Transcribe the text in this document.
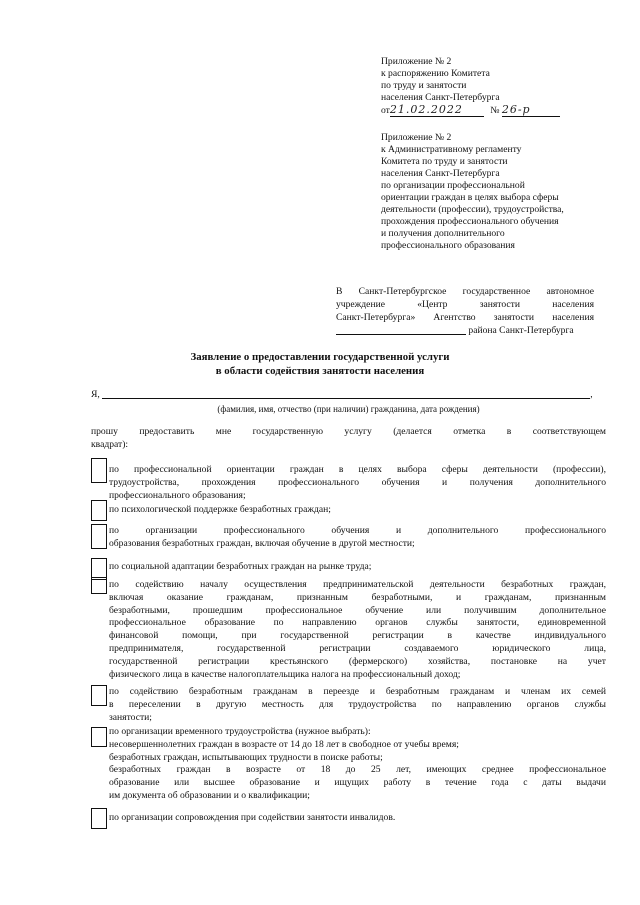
Приложение № 2
к распоряжению Комитета
по труду и занятости
населения Санкт-Петербурга
от21.02.2022	№ 26-р
Приложение № 2
к Административному регламенту
Комитета по труду и занятости
населения Санкт-Петербурга
по организации профессиональной
ориентации граждан в целях выбора сферы
деятельности (профессии), трудоустройства,
прохождения профессионального обучения
и получения дополнительного
профессионального образования
В Санкт-Петербургское государственное автономное
учреждение «Центр занятости населения
Санкт-Петербурга» Агентство занятости населения
района Санкт-Петербурга
Заявление о предоставлении государственной услуги
в области содействия занятости населения
Я,	,
(фамилия, имя, отчество (при наличии) гражданина, дата рождения)
прошу предоставить мне государственную услугу (делается отметка в соответствующем
квадрат):
по профессиональной ориентации граждан в целях выбора сферы деятельности (профессии),
трудоустройства, прохождения профессионального обучения и получения дополнительного
профессионального образования;
по психологической поддержке безработных граждан;
по организации профессионального обучения и дополнительного профессионального
образования безработных граждан, включая обучение в другой местности;
по социальной адаптации безработных граждан на рынке труда;
по содействию началу осуществления предпринимательской деятельности безработных граждан,
включая оказание гражданам, признанным безработными, и гражданам, признанным
безработными, прошедшим профессиональное обучение или получившим дополнительное
профессиональное образование по направлению органов службы занятости, единовременной
финансовой помощи, при государственной регистрации в качестве индивидуального
предпринимателя, государственной регистрации создаваемого юридического лица,
государственной регистрации крестьянского (фермерского) хозяйства, постановке на учет
физического лица в качестве налогоплательщика налога на профессиональный доход;
по содействию безработным гражданам в переезде и безработным гражданам и членам их семей
в переселении в другую местность для трудоустройства по направлению органов службы
занятости;
по организации временного трудоустройства (нужное выбрать):
несовершеннолетних граждан в возрасте от 14 до 18 лет в свободное от учебы время;
безработных граждан, испытывающих трудности в поиске работы;
безработных граждан в возрасте от 18 до 25 лет, имеющих среднее профессиональное
образование или высшее образование и ищущих работу в течение года с даты выдачи
им документа об образовании и о квалификации;
по организации сопровождения при содействии занятости инвалидов.
